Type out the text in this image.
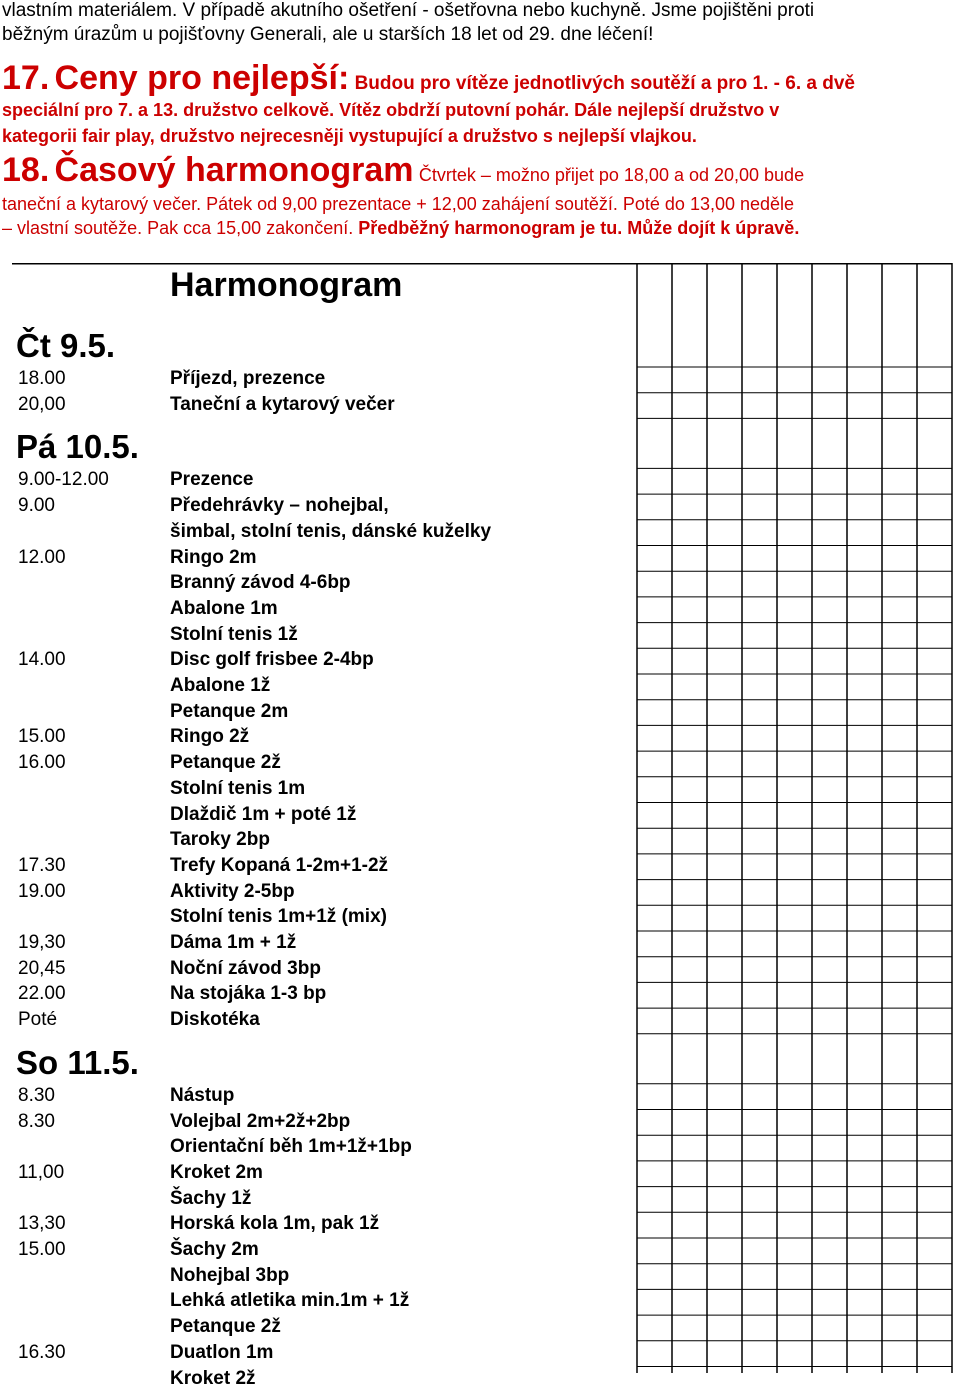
vlastním materiálem. V případě akutního ošetření - ošetřovna nebo kuchyně. Jsme pojištěni proti
běžným úrazům u pojišťovny Generali, ale u starších 18 let od 29. dne léčení!
17. Ceny pro nejlepší: Budou pro vítěze jednotlivých soutěží a pro 1. - 6. a dvě
speciální pro 7. a 13. družstvo celkově. Vítěz obdrží putovní pohár. Dále nejlepší družstvo v
kategorii fair play, družstvo nejrecesněji vystupující a družstvo s nejlepší vlajkou.
18. Časový harmonogram Čtvrtek – možno přijet po 18,00 a od 20,00 bude
taneční a kytarový večer. Pátek od 9,00 prezentace + 12,00 zahájení soutěží. Poté do 13,00 neděle
– vlastní soutěže. Pak cca 15,00 zakončení. Předběžný harmonogram je tu. Může dojít k úpravě.
Harmonogram
Čt 9.5.
18.00	Příjezd, prezence
20,00	Taneční a kytarový večer
Pá 10.5.
9.00-12.00	Prezence
9.00	Předehrávky – nohejbal,
šimbal, stolní tenis, dánské kuželky
12.00	Ringo 2m
Branný závod 4-6bp
Abalone 1m
Stolní tenis 1ž
14.00	Disc golf frisbee 2-4bp
Abalone 1ž
Petanque 2m
15.00	Ringo 2ž
16.00	Petanque 2ž
Stolní tenis 1m
Dlaždič 1m + poté 1ž
Taroky 2bp
17.30	Trefy Kopaná 1-2m+1-2ž
19.00	Aktivity 2-5bp
Stolní tenis 1m+1ž (mix)
19,30	Dáma 1m + 1ž
20,45	Noční závod 3bp
22.00	Na stojáka 1-3 bp
Poté	Diskotéka
So 11.5.
8.30	Nástup
8.30	Volejbal 2m+2ž+2bp
Orientační běh 1m+1ž+1bp
11,00	Kroket 2m
Šachy 1ž
13,30	Horská kola 1m, pak 1ž
15.00	Šachy 2m
Nohejbal 3bp
Lehká atletika min.1m + 1ž
Petanque 2ž
16.30	Duatlon 1m
Kroket 2ž
